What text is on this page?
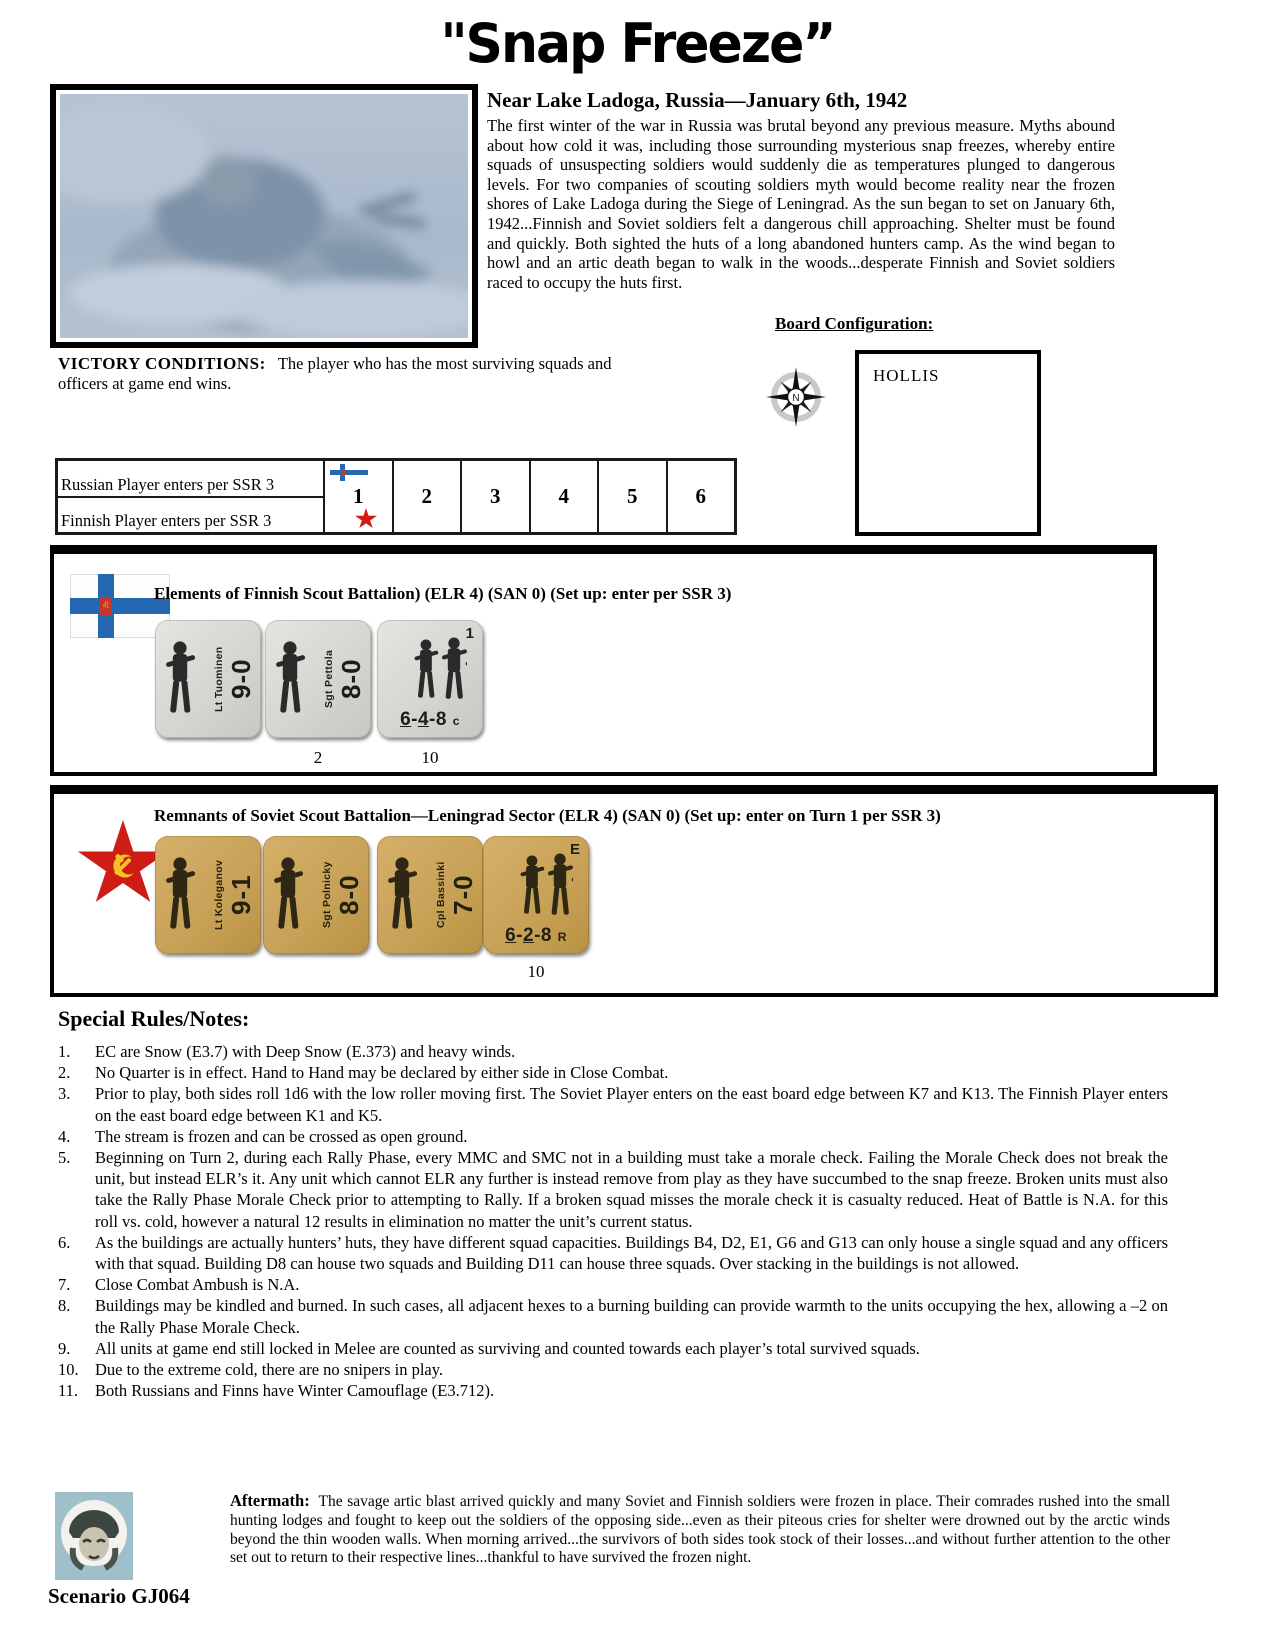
"Snap Freeze”
Near Lake Ladoga, Russia—January 6th, 1942

The first winter of the war in Russia was brutal beyond any previous measure. Myths abound about how cold it was, including those surrounding mysterious snap freezes, whereby entire squads of unsuspecting soldiers would suddenly die as temperatures plunged to dangerous levels. For two companies of scouting soldiers myth would become reality near the frozen shores of Lake Ladoga during the Siege of Leningrad. As the sun began to set on January 6th, 1942...Finnish and Soviet soldiers felt a dangerous chill approaching. Shelter must be found and quickly. Both sighted the huts of a long abandoned hunters camp. As the wind began to howl and an artic death began to walk in the woods...desperate Finnish and Soviet soldiers raced to occupy the huts first.

Board Configuration:
N
HOLLIS
VICTORY CONDITIONS: The player who has the most surviving squads and officers at game end wins.
Russian Player enters per SSR 3
Finnish Player enters per SSR 3
1	2	3	4	5	6
♌
Elements of Finnish Scout Battalion) (ELR 4) (SAN 0) (Set up: enter per SSR 3)
Lt Tuominen 9-0	Sgt Pettola 8-0
1
6-4-8 c
2	10
Remnants of Soviet Scout Battalion—Leningrad Sector (ELR 4) (SAN 0) (Set up: enter on Turn 1 per SSR 3)
Lt Koleganov 9-1	Sgt Polnicky 8-0	Cpl Bassinki 7-0
E
6-2-8 R
10
Special Rules/Notes:
1.	EC are Snow (E3.7) with Deep Snow (E.373) and heavy winds.
2.	No Quarter is in effect. Hand to Hand may be declared by either side in Close Combat.
3.	Prior to play, both sides roll 1d6 with the low roller moving first. The Soviet Player enters on the east board edge between K7 and K13. The Finnish Player enters on the east board edge between K1 and K5.
4.	The stream is frozen and can be crossed as open ground.
5.	Beginning on Turn 2, during each Rally Phase, every MMC and SMC not in a building must take a morale check. Failing the Morale Check does not break the unit, but instead ELR’s it. Any unit which cannot ELR any further is instead remove from play as they have succumbed to the snap freeze. Broken units must also take the Rally Phase Morale Check prior to attempting to Rally. If a broken squad misses the morale check it is casualty reduced. Heat of Battle is N.A. for this roll vs. cold, however a natural 12 results in elimination no matter the unit’s current status.
6.	As the buildings are actually hunters’ huts, they have different squad capacities. Buildings B4, D2, E1, G6 and G13 can only house a single squad and any officers with that squad. Building D8 can house two squads and Building D11 can house three squads. Over stacking in the buildings is not allowed.
7.	Close Combat Ambush is N.A.
8.	Buildings may be kindled and burned. In such cases, all adjacent hexes to a burning building can provide warmth to the units occupying the hex, allowing a –2 on the Rally Phase Morale Check.
9.	All units at game end still locked in Melee are counted as surviving and counted towards each player’s total survived squads.
10. Due to the extreme cold, there are no snipers in play.
11.	Both Russians and Finns have Winter Camouflage (E3.712).
Scenario GJ064
Aftermath: The savage artic blast arrived quickly and many Soviet and Finnish soldiers were frozen in place. Their comrades rushed into the small hunting lodges and fought to keep out the soldiers of the opposing side...even as their piteous cries for shelter were drowned out by the arctic winds beyond the thin wooden walls. When morning arrived...the survivors of both sides took stock of their losses...and without further attention to the other set out to return to their respective lines...thankful to have survived the frozen night.
